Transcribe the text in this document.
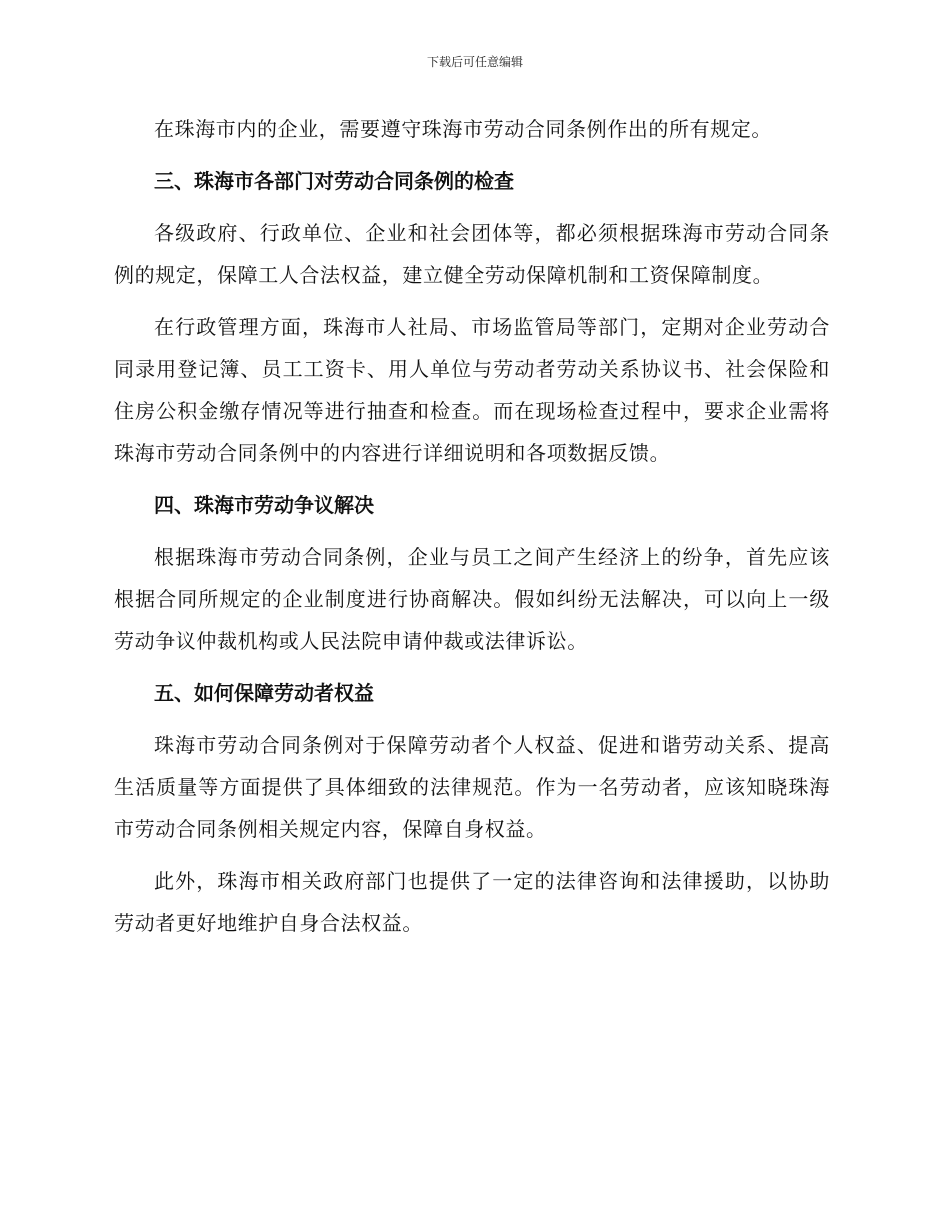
下载后可任意编辑

在珠海市内的企业，需要遵守珠海市劳动合同条例作出的所有规定。

三、珠海市各部门对劳动合同条例的检查

各级政府、行政单位、企业和社会团体等，都必须根据珠海市劳动合同条例的规定，保障工人合法权益，建立健全劳动保障机制和工资保障制度。

在行政管理方面，珠海市人社局、市场监管局等部门，定期对企业劳动合同录用登记簿、员工工资卡、用人单位与劳动者劳动关系协议书、社会保险和住房公积金缴存情况等进行抽查和检查。而在现场检查过程中，要求企业需将珠海市劳动合同条例中的内容进行详细说明和各项数据反馈。

四、珠海市劳动争议解决

根据珠海市劳动合同条例，企业与员工之间产生经济上的纷争，首先应该根据合同所规定的企业制度进行协商解决。假如纠纷无法解决，可以向上一级劳动争议仲裁机构或人民法院申请仲裁或法律诉讼。

五、如何保障劳动者权益

珠海市劳动合同条例对于保障劳动者个人权益、促进和谐劳动关系、提高生活质量等方面提供了具体细致的法律规范。作为一名劳动者，应该知晓珠海市劳动合同条例相关规定内容，保障自身权益。

此外，珠海市相关政府部门也提供了一定的法律咨询和法律援助，以协助劳动者更好地维护自身合法权益。
